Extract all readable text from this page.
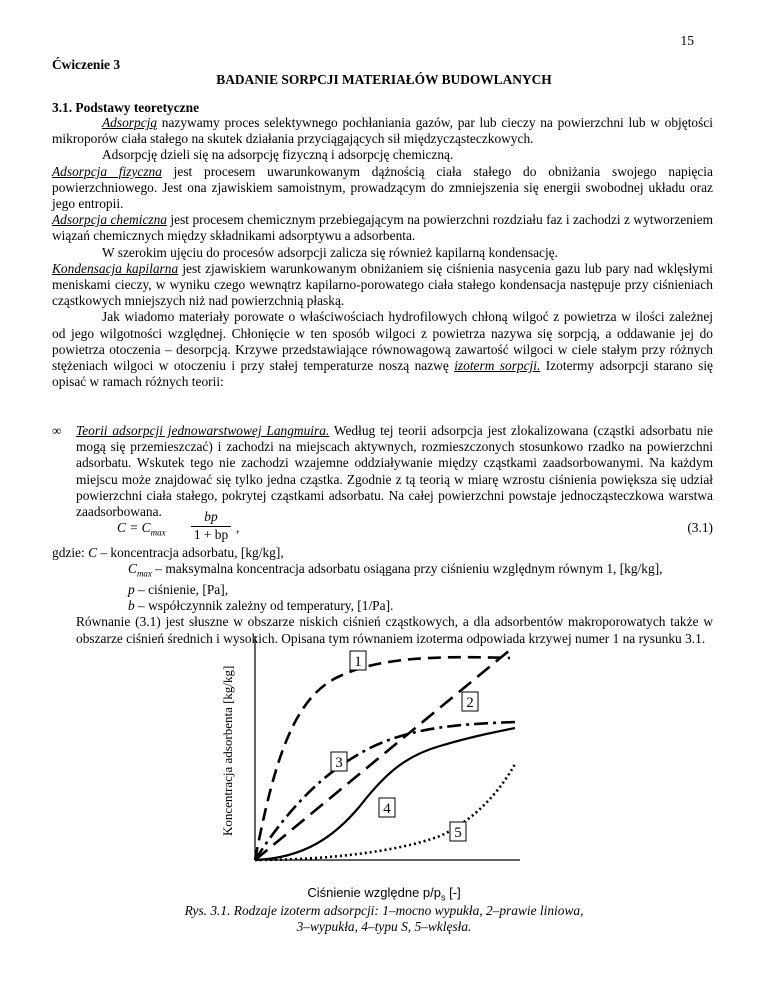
15
Ćwiczenie 3
BADANIE SORPCJI MATERIAŁÓW BUDOWLANYCH
3.1. Podstawy teoretyczne

Adsorpcją nazywamy proces selektywnego pochłaniania gazów, par lub cieczy na powierzchni lub w objętości mikroporów ciała stałego na skutek działania przyciągających sił międzycząsteczkowych.

Adsorpcję dzieli się na adsorpcję fizyczną i adsorpcję chemiczną.

Adsorpcja fizyczna jest procesem uwarunkowanym dążnością ciała stałego do obniżania swojego napięcia powierzchniowego. Jest ona zjawiskiem samoistnym, prowadzącym do zmniejszenia się energii swobodnej układu oraz jego entropii.

Adsorpcja chemiczna jest procesem chemicznym przebiegającym na powierzchni rozdziału faz i zachodzi z wytworzeniem wiązań chemicznych między składnikami adsorptywu a adsorbenta.

W szerokim ujęciu do procesów adsorpcji zalicza się również kapilarną kondensację.

Kondensacja kapilarna jest zjawiskiem warunkowanym obniżaniem się ciśnienia nasycenia gazu lub pary nad wklęsłymi meniskami cieczy, w wyniku czego wewnątrz kapilarno-porowatego ciała stałego kondensacja następuje przy ciśnieniach cząstkowych mniejszych niż nad powierzchnią płaską.

Jak wiadomo materiały porowate o właściwościach hydrofilowych chłoną wilgoć z powietrza w ilości zależnej od jego wilgotności względnej. Chłonięcie w ten sposób wilgoci z powietrza nazywa się sorpcją, a oddawanie jej do powietrza otoczenia – desorpcją. Krzywe przedstawiające równowagową zawartość wilgoci w ciele stałym przy różnych stężeniach wilgoci w otoczeniu i przy stałej temperaturze noszą nazwę izoterm sorpcji. Izotermy adsorpcji starano się opisać w ramach różnych teorii:

∞ Teorii adsorpcji jednowarstwowej Langmuira. Według tej teorii adsorpcja jest zlokalizowana (cząstki adsorbatu nie mogą się przemieszczać) i zachodzi na miejscach aktywnych, rozmieszczonych stosunkowo rzadko na powierzchni adsorbatu. Wskutek tego nie zachodzi wzajemne oddziaływanie między cząstkami zaadsorbowanymi. Na każdym miejscu może znajdować się tylko jedna cząstka. Zgodnie z tą teorią w miarę wzrostu ciśnienia powiększa się udział powierzchni ciała stałego, pokrytej cząstkami adsorbatu. Na całej powierzchni powstaje jednocząsteczkowa warstwa zaadsorbowana.
$C = C_{max} \frac{bp}{1 + bp}$ ,	(3.1)
gdzie: C – koncentracja adsorbatu, [kg/kg],
$C_{max}$ – maksymalna koncentracja adsorbatu osiągana przy ciśnieniu względnym równym 1, [kg/kg],
p – ciśnienie, [Pa],
b – współczynnik zależny od temperatury, [1/Pa].
Równanie (3.1) jest słuszne w obszarze niskich ciśnień cząstkowych, a dla adsorbentów makroporowatych także w obszarze ciśnień średnich i wysokich. Opisana tym równaniem izoterma odpowiada krzywej numer 1 na rysunku 3.1.
Koncentracja adsorbenta [kg/kg]
1
2
3
4
5
Ciśnienie względne $p/p_s$ [-]
Rys. 3.1. Rodzaje izoterm adsorpcji: 1–mocno wypukła, 2–prawie liniowa,
3–wypukła, 4–typu S, 5–wklęsła.
